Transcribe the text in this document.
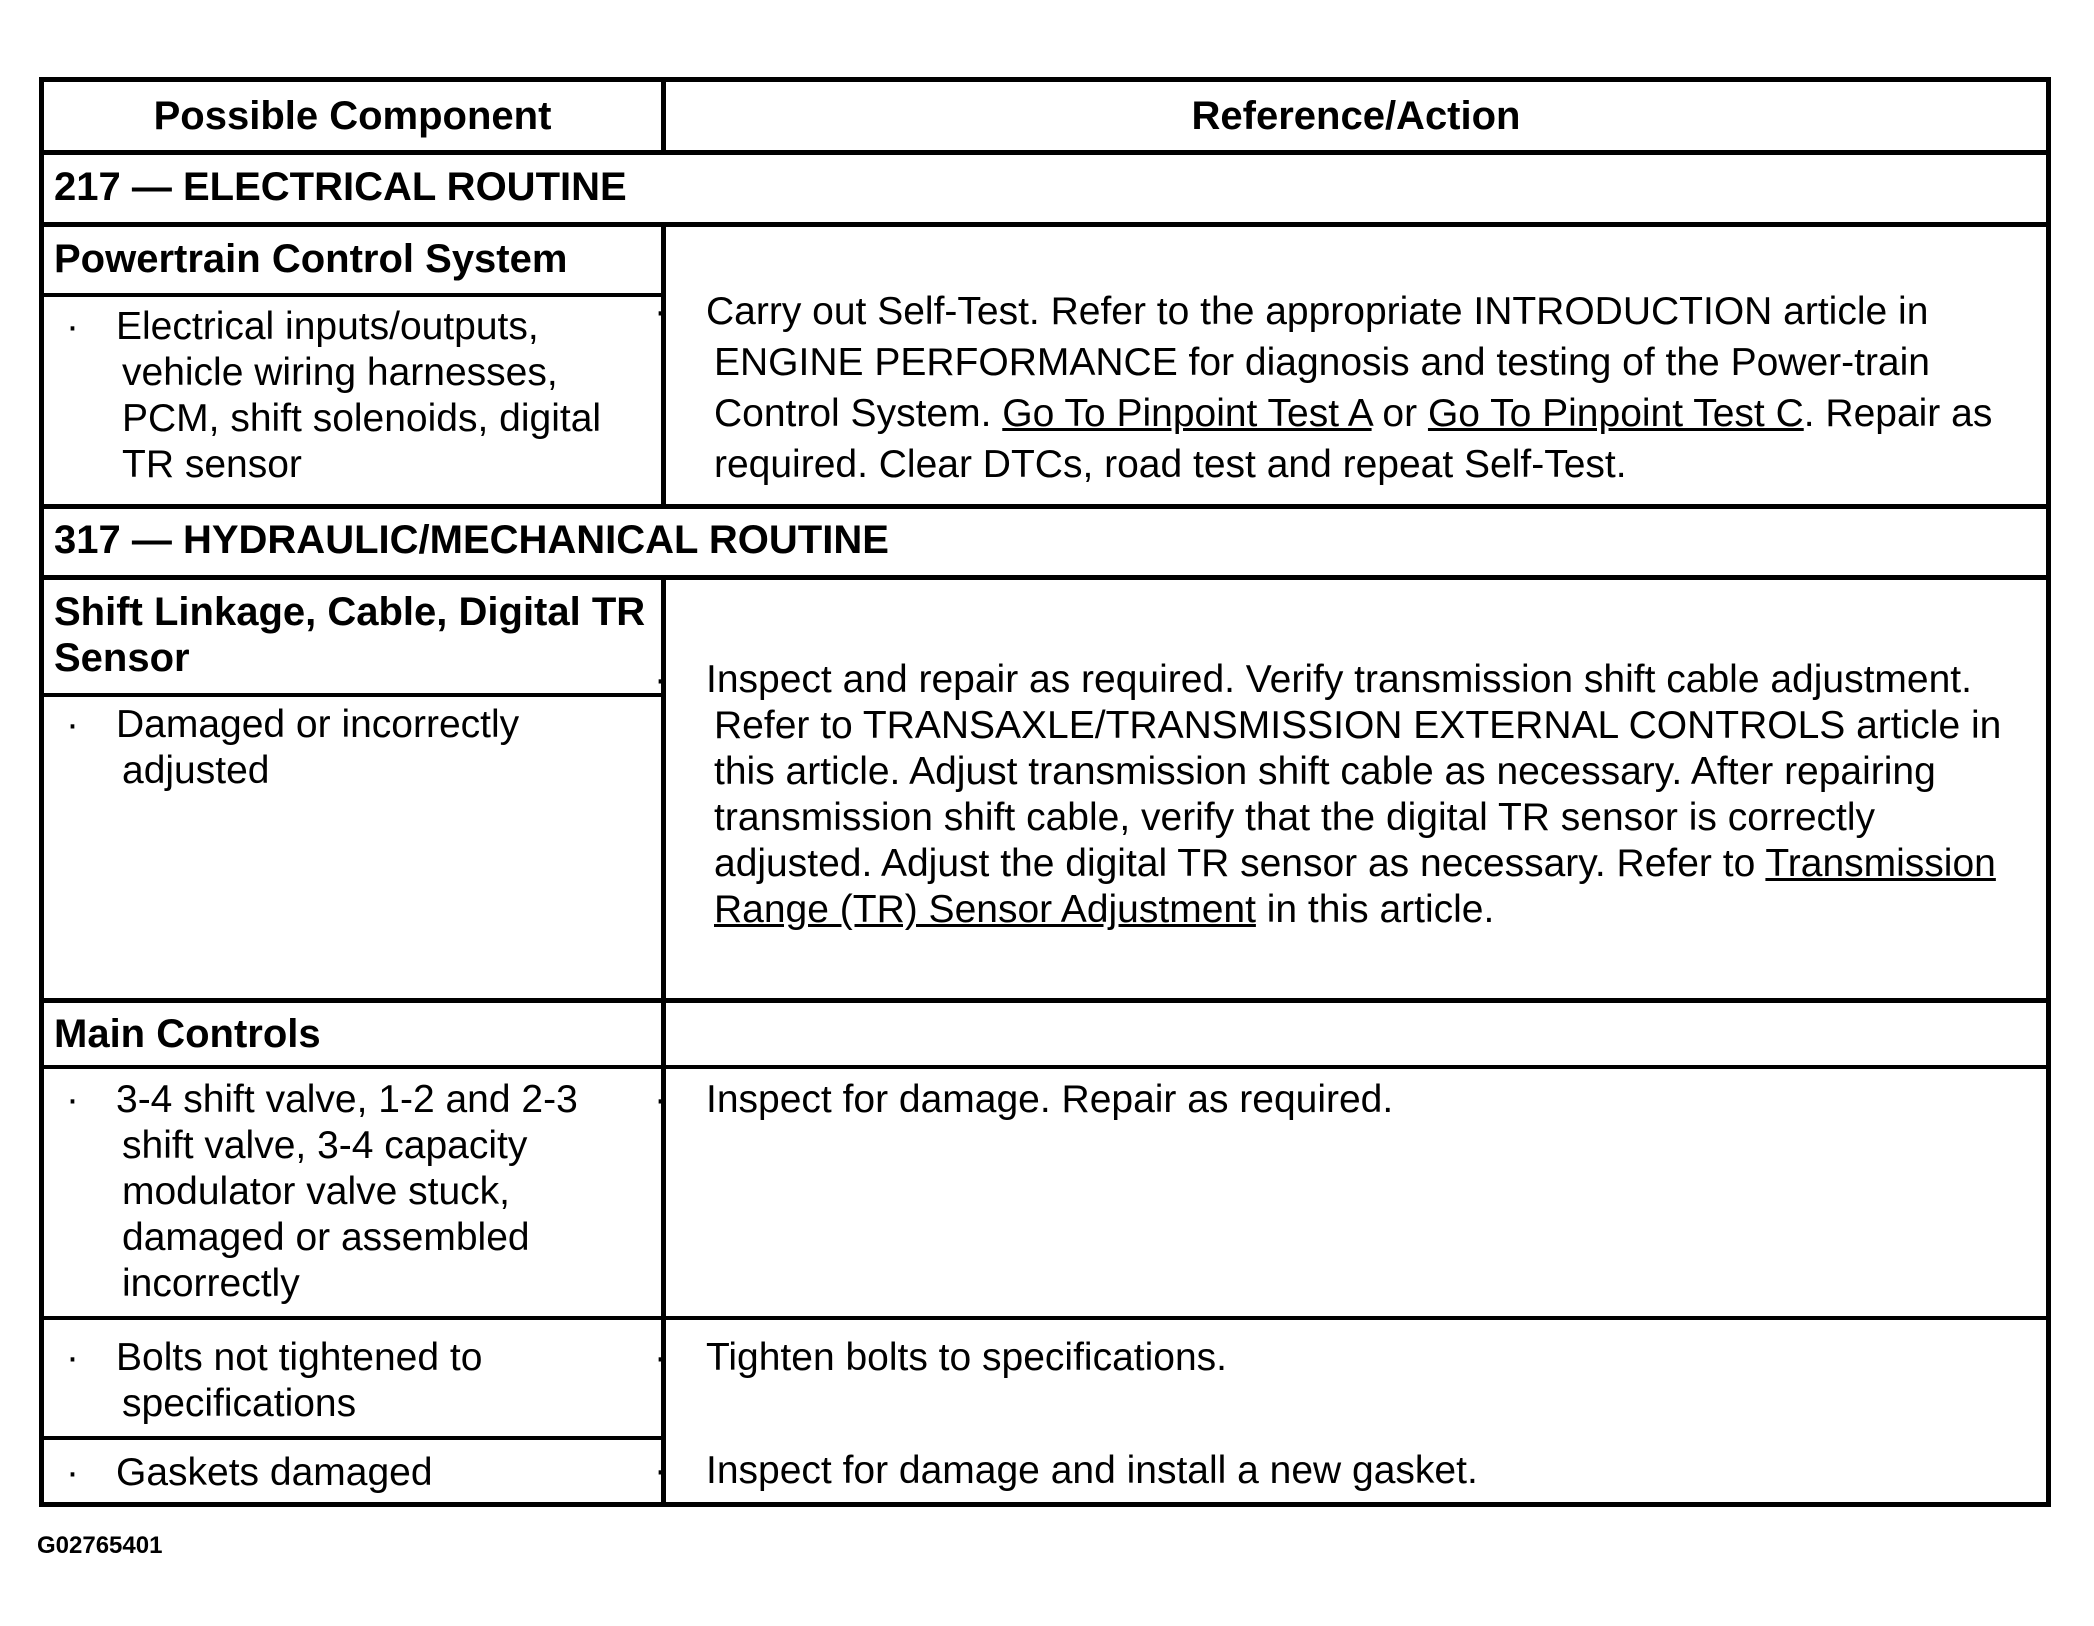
Possible Component	Reference/Action
217 — ELECTRICAL ROUTINE
Powertrain Control System
· Electrical inputs/outputs, vehicle wiring harnesses, PCM, shift solenoids, digital TR sensor
· Carry out Self-Test. Refer to the appropriate INTRODUCTION article in ENGINE PERFORMANCE for diagnosis and testing of the Power-train Control System. Go To Pinpoint Test A or Go To Pinpoint Test C. Repair as required. Clear DTCs, road test and repeat Self-Test.
317 — HYDRAULIC/MECHANICAL ROUTINE
Shift Linkage, Cable, Digital TR Sensor
· Damaged or incorrectly adjusted
· Inspect and repair as required. Verify transmission shift cable adjustment. Refer to TRANSAXLE/TRANSMISSION EXTERNAL CONTROLS article in this article. Adjust transmission shift cable as necessary. After repairing transmission shift cable, verify that the digital TR sensor is correctly adjusted. Adjust the digital TR sensor as necessary. Refer to Transmission Range (TR) Sensor Adjustment in this article.
Main Controls
· 3-4 shift valve, 1-2 and 2-3 shift valve, 3-4 capacity modulator valve stuck, damaged or assembled incorrectly
· Inspect for damage. Repair as required.
· Bolts not tightened to specifications
· Tighten bolts to specifications.
· Gaskets damaged	· Inspect for damage and install a new gasket.
G02765401
